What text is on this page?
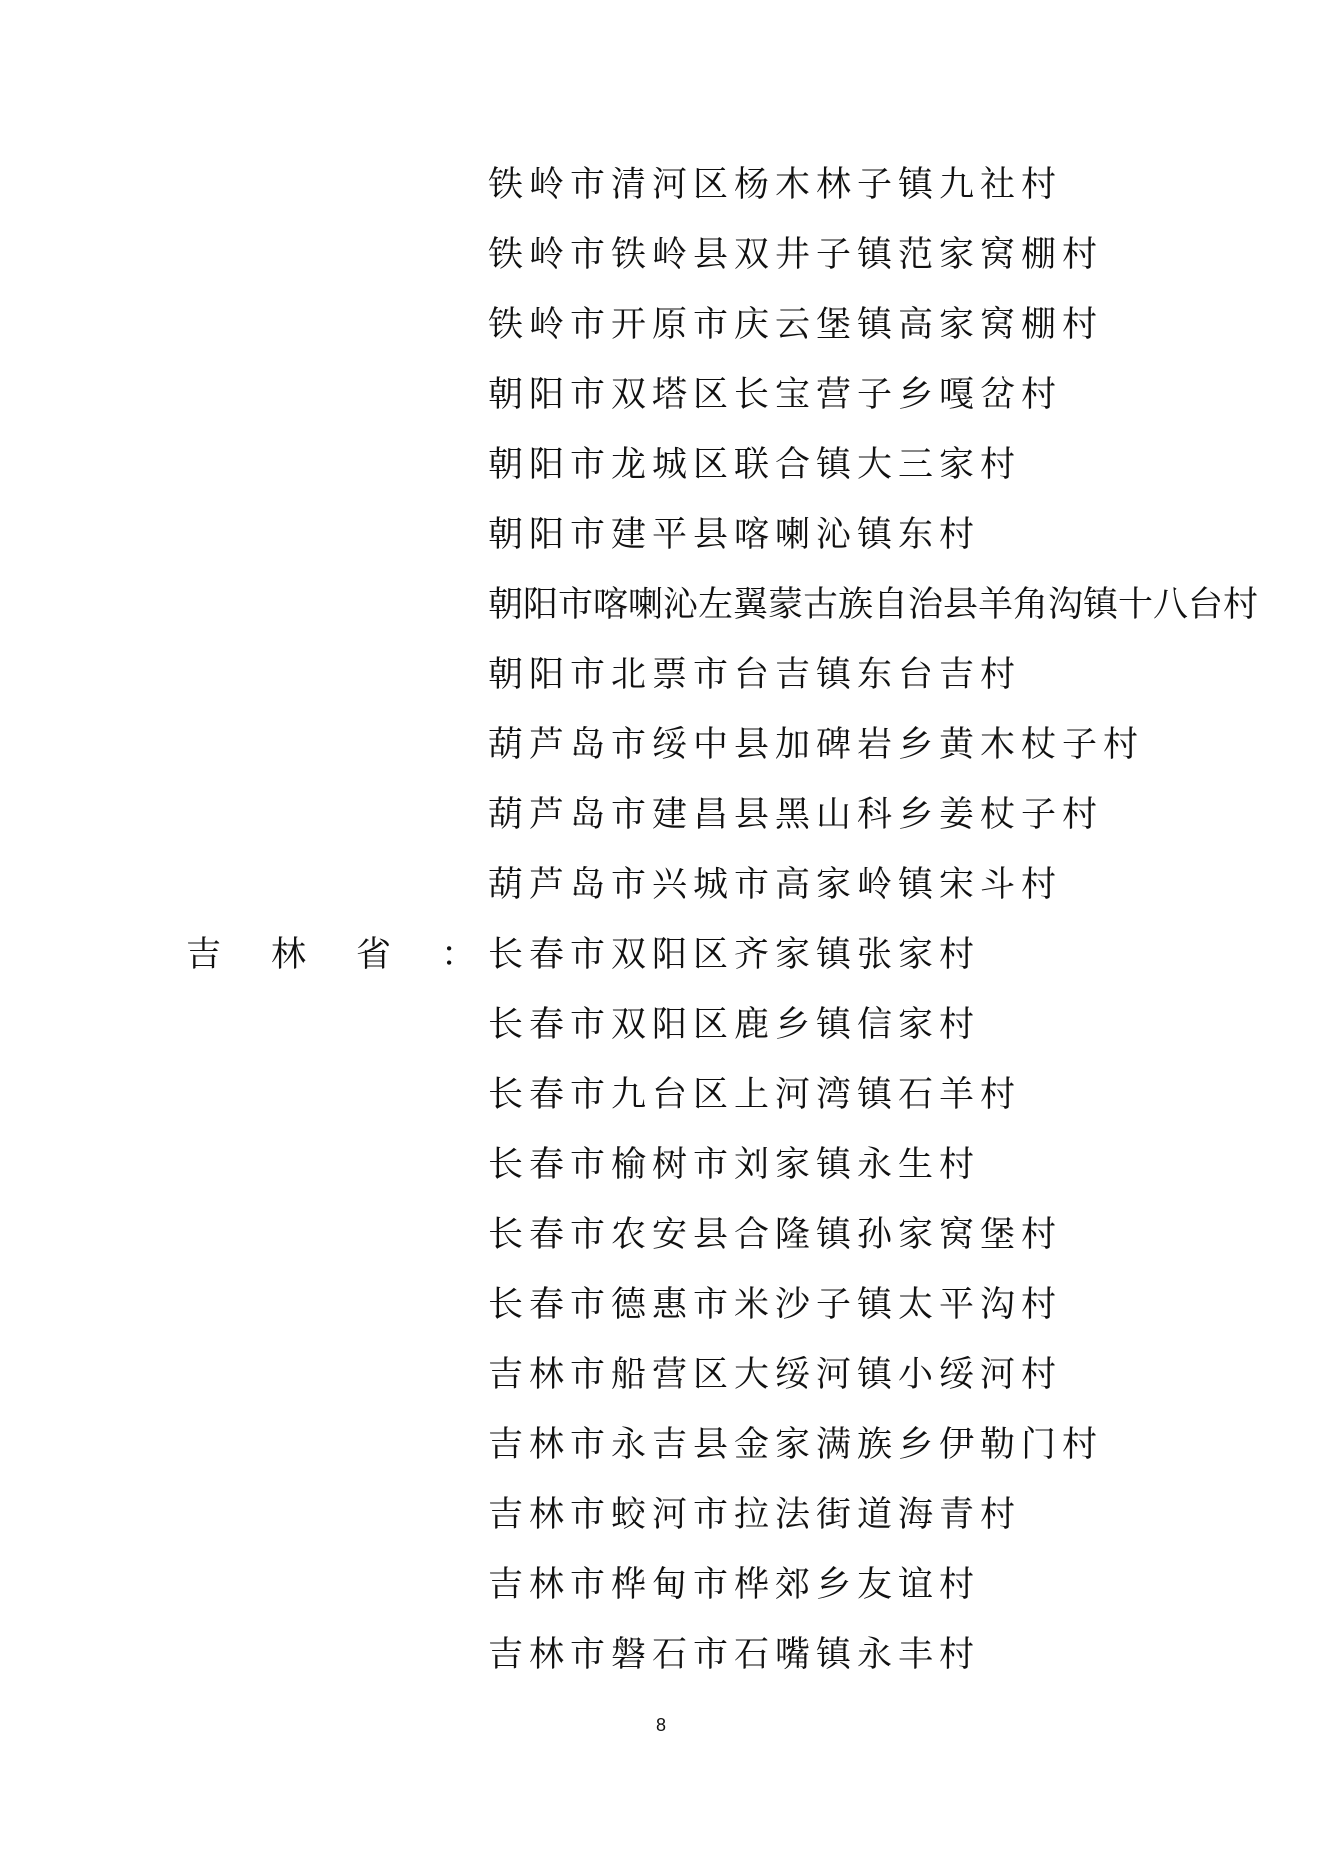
铁岭市清河区杨木林子镇九社村
铁岭市铁岭县双井子镇范家窝棚村
铁岭市开原市庆云堡镇高家窝棚村
朝阳市双塔区长宝营子乡嘎岔村
朝阳市龙城区联合镇大三家村
朝阳市建平县喀喇沁镇东村
朝阳市喀喇沁左翼蒙古族自治县羊角沟镇十八台村
朝阳市北票市台吉镇东台吉村
葫芦岛市绥中县加碑岩乡黄木杖子村
葫芦岛市建昌县黑山科乡姜杖子村
葫芦岛市兴城市高家岭镇宋斗村
吉 林 省 ： 长春市双阳区齐家镇张家村
长春市双阳区鹿乡镇信家村
长春市九台区上河湾镇石羊村
长春市榆树市刘家镇永生村
长春市农安县合隆镇孙家窝堡村
长春市德惠市米沙子镇太平沟村
吉林市船营区大绥河镇小绥河村
吉林市永吉县金家满族乡伊勒门村
吉林市蛟河市拉法街道海青村
吉林市桦甸市桦郊乡友谊村
吉林市磐石市石嘴镇永丰村
8
